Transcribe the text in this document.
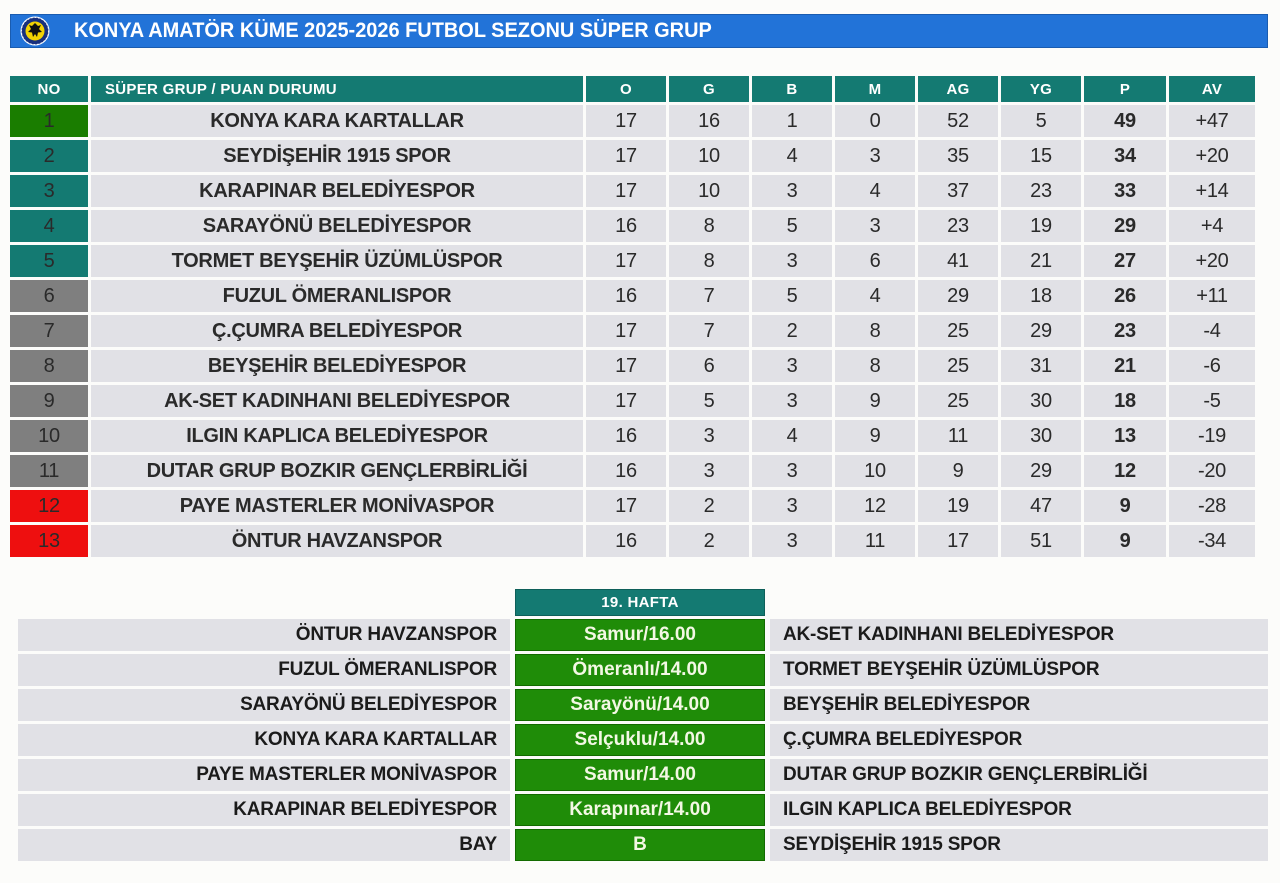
KONYA AMATÖR KÜME 2025-2026 FUTBOL SEZONU SÜPER GRUP
NO	SÜPER GRUP / PUAN DURUMU	O	G	B	M	AG	YG	P	AV
1	KONYA KARA KARTALLAR	17	16	1	0	52	5	49	+47
2	SEYDİŞEHİR 1915 SPOR	17	10	4	3	35	15	34	+20
3	KARAPINAR BELEDİYESPOR	17	10	3	4	37	23	33	+14
4	SARAYÖNÜ BELEDİYESPOR	16	8	5	3	23	19	29	+4
5	TORMET BEYŞEHİR ÜZÜMLÜSPOR	17	8	3	6	41	21	27	+20
6	FUZUL ÖMERANLISPOR	16	7	5	4	29	18	26	+11
7	Ç.ÇUMRA BELEDİYESPOR	17	7	2	8	25	29	23	-4
8	BEYŞEHİR BELEDİYESPOR	17	6	3	8	25	31	21	-6
9	AK-SET KADINHANI BELEDİYESPOR	17	5	3	9	25	30	18	-5
10	ILGIN KAPLICA BELEDİYESPOR	16	3	4	9	11	30	13	-19
11	DUTAR GRUP BOZKIR GENÇLERBİRLİĞİ	16	3	3	10	9	29	12	-20
12	PAYE MASTERLER MONİVASPOR	17	2	3	12	19	47	9	-28
13	ÖNTUR HAVZANSPOR	16	2	3	11	17	51	9	-34
19. HAFTA
ÖNTUR HAVZANSPOR	Samur/16.00	AK-SET KADINHANI BELEDİYESPOR
FUZUL ÖMERANLISPOR	Ömeranlı/14.00	TORMET BEYŞEHİR ÜZÜMLÜSPOR
SARAYÖNÜ BELEDİYESPOR	Sarayönü/14.00	BEYŞEHİR BELEDİYESPOR
KONYA KARA KARTALLAR	Selçuklu/14.00	Ç.ÇUMRA BELEDİYESPOR
PAYE MASTERLER MONİVASPOR	Samur/14.00	DUTAR GRUP BOZKIR GENÇLERBİRLİĞİ
KARAPINAR BELEDİYESPOR	Karapınar/14.00	ILGIN KAPLICA BELEDİYESPOR
BAY	B	SEYDİŞEHİR 1915 SPOR
